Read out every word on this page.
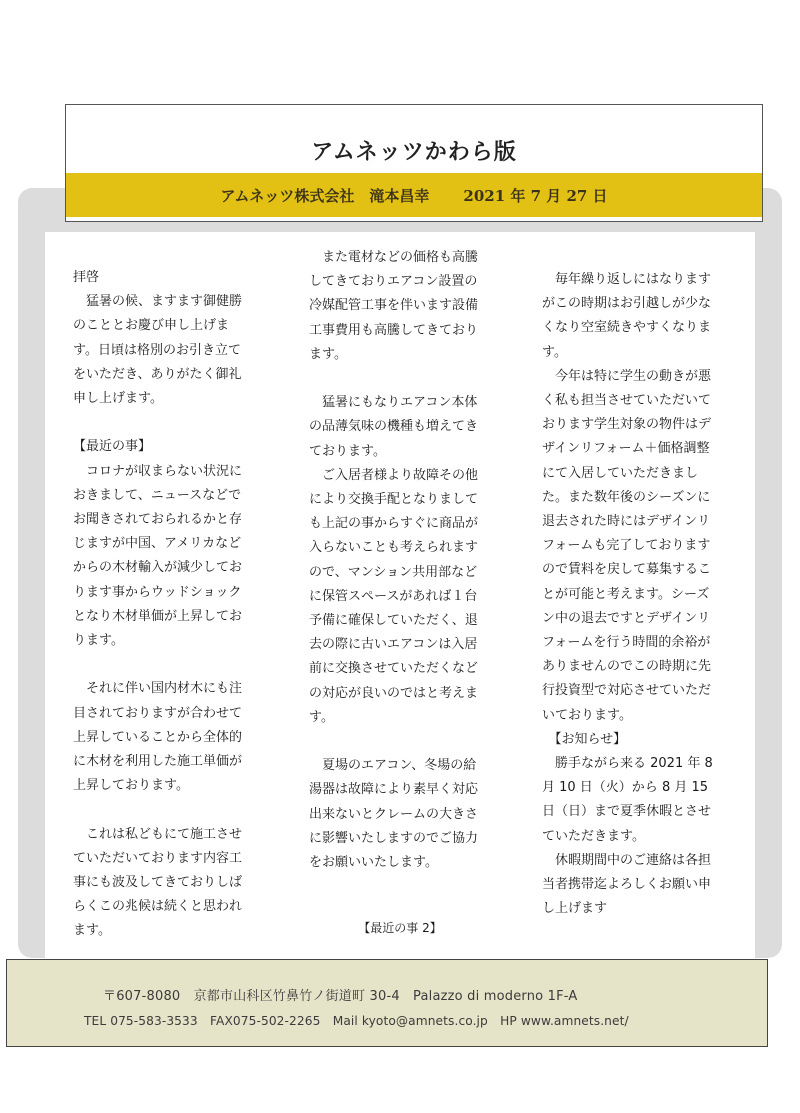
アムネッツかわら版
アムネッツ株式会社　滝本昌幸 2021 年 7 月 27 日
拝啓
　猛暑の候、ますます御健勝のこととお慶び申し上げます。日頃は格別のお引き立てをいただき、ありがたく御礼申し上げます。

【最近の事】
　コロナが収まらない状況におきまして、ニュースなどでお聞きされておられるかと存じますが中国、アメリカなどからの木材輸入が減少しております事からウッドショックとなり木材単価が上昇しております。

　それに伴い国内材木にも注目されておりますが合わせて上昇していることから全体的に木材を利用した施工単価が上昇しております。

　これは私どもにて施工させていただいております内容工事にも波及してきておりしばらくこの兆候は続くと思われます。
　また電材などの価格も高騰してきておりエアコン設置の冷媒配管工事を伴います設備工事費用も高騰してきております。

　猛暑にもなりエアコン本体の品薄気味の機種も増えてきております。
　ご入居者様より故障その他により交換手配となりましても上記の事からすぐに商品が入らないことも考えられますので、マンション共用部などに保管スペースがあれば１台予備に確保していただく、退去の際に古いエアコンは入居前に交換させていただくなどの対応が良いのではと考えます。

　夏場のエアコン、冬場の給湯器は故障により素早く対応出来ないとクレームの大きさに影響いたしますのでご協力をお願いいたします。
　毎年繰り返しにはなりますがこの時期はお引越しが少なくなり空室続きやすくなります。
　今年は特に学生の動きが悪く私も担当させていただいております学生対象の物件はデザインリフォーム＋価格調整にて入居していただきました。また数年後のシーズンに退去された時にはデザインリフォームも完了しておりますので賃料を戻して募集することが可能と考えます。シーズン中の退去ですとデザインリフォームを行う時間的余裕がありませんのでこの時期に先行投資型で対応させていただいております。
　【お知らせ】
　勝手ながら来る 2021 年 8 月 10 日（火）から 8 月 15 日（日）まで夏季休暇とさせていただきます。
　休暇期間中のご連絡は各担当者携帯迄よろしくお願い申し上げます
【最近の事 2】
〒607-8080　京都市山科区竹鼻竹ノ街道町 30-4　Palazzo di moderno 1F-A
TEL 075-583-3533　FAX075-502-2265　Mail kyoto@amnets.co.jp　HP www.amnets.net/
